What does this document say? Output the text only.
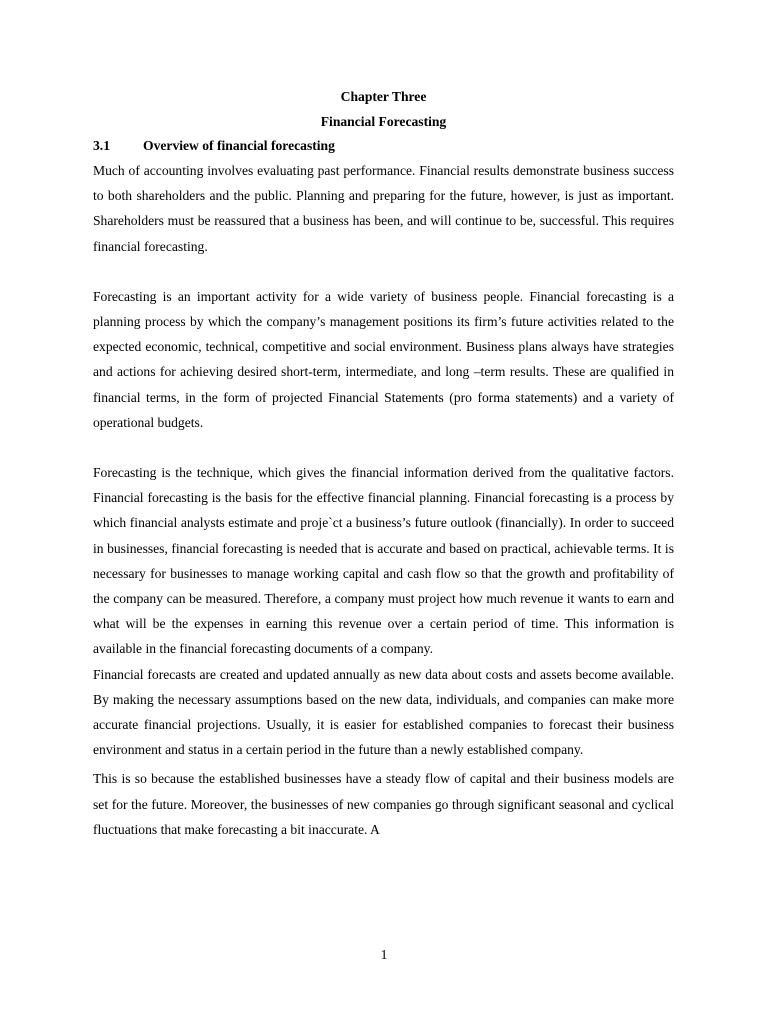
Chapter Three
Financial Forecasting
3.1 Overview of financial forecasting

Much of accounting involves evaluating past performance. Financial results demonstrate business success to both shareholders and the public. Planning and preparing for the future, however, is just as important. Shareholders must be reassured that a business has been, and will continue to be, successful. This requires financial forecasting.

Forecasting is an important activity for a wide variety of business people. Financial forecasting is a planning process by which the company’s management positions its firm’s future activities related to the expected economic, technical, competitive and social environment. Business plans always have strategies and actions for achieving desired short-term, intermediate, and long –term results. These are qualified in financial terms, in the form of projected Financial Statements (pro forma statements) and a variety of operational budgets.

Forecasting is the technique, which gives the financial information derived from the qualitative factors. Financial forecasting is the basis for the effective financial planning. Financial forecasting is a process by which financial analysts estimate and proje`ct a business’s future outlook (financially). In order to succeed in businesses, financial forecasting is needed that is accurate and based on practical, achievable terms. It is necessary for businesses to manage working capital and cash flow so that the growth and profitability of the company can be measured. Therefore, a company must project how much revenue it wants to earn and what will be the expenses in earning this revenue over a certain period of time. This information is available in the financial forecasting documents of a company.

Financial forecasts are created and updated annually as new data about costs and assets become available. By making the necessary assumptions based on the new data, individuals, and companies can make more accurate financial projections. Usually, it is easier for established companies to forecast their business environment and status in a certain period in the future than a newly established company.

This is so because the established businesses have a steady flow of capital and their business models are set for the future. Moreover, the businesses of new companies go through significant seasonal and cyclical fluctuations that make forecasting a bit inaccurate. A

1
